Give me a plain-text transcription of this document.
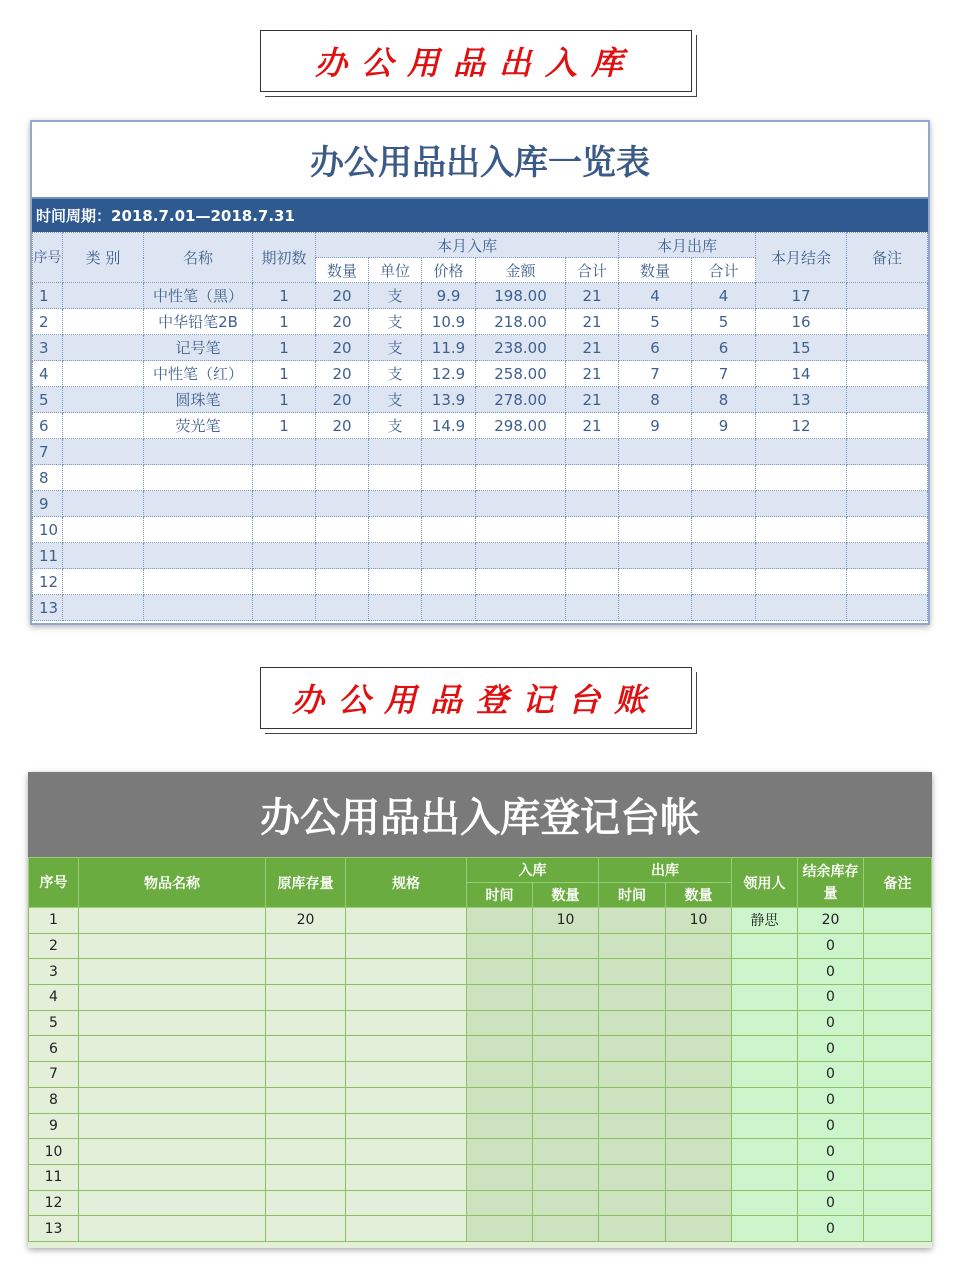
办公用品出入库
办公用品出入库一览表
时间周期：2018.7.01—2018.7.31
序号	类 别	名称	期初数	本月入库					本月出库		本月结余	备注
				数量	单位	价格	金额	合计	数量	合计		
1		中性笔（黑）	1	20	支	9.9	198.00	21	4	4	17	
2		中华铅笔2B	1	20	支	10.9	218.00	21	5	5	16	
3		记号笔	1	20	支	11.9	238.00	21	6	6	15	
4		中性笔（红）	1	20	支	12.9	258.00	21	7	7	14	
5		圆珠笔	1	20	支	13.9	278.00	21	8	8	13	
6		荧光笔	1	20	支	14.9	298.00	21	9	9	12	
7												
8												
9												
10												
11												
12												
13												
办公用品登记台账
办公用品出入库登记台帐
序号	物品名称	原库存量	规格	入库		出库		领用人	结余库存量	备注
				时间	数量	时间	数量			
1		20			10		10	静思	20	
2									0	
3									0	
4									0	
5									0	
6									0	
7									0	
8									0	
9									0	
10									0	
11									0	
12									0	
13									0	
